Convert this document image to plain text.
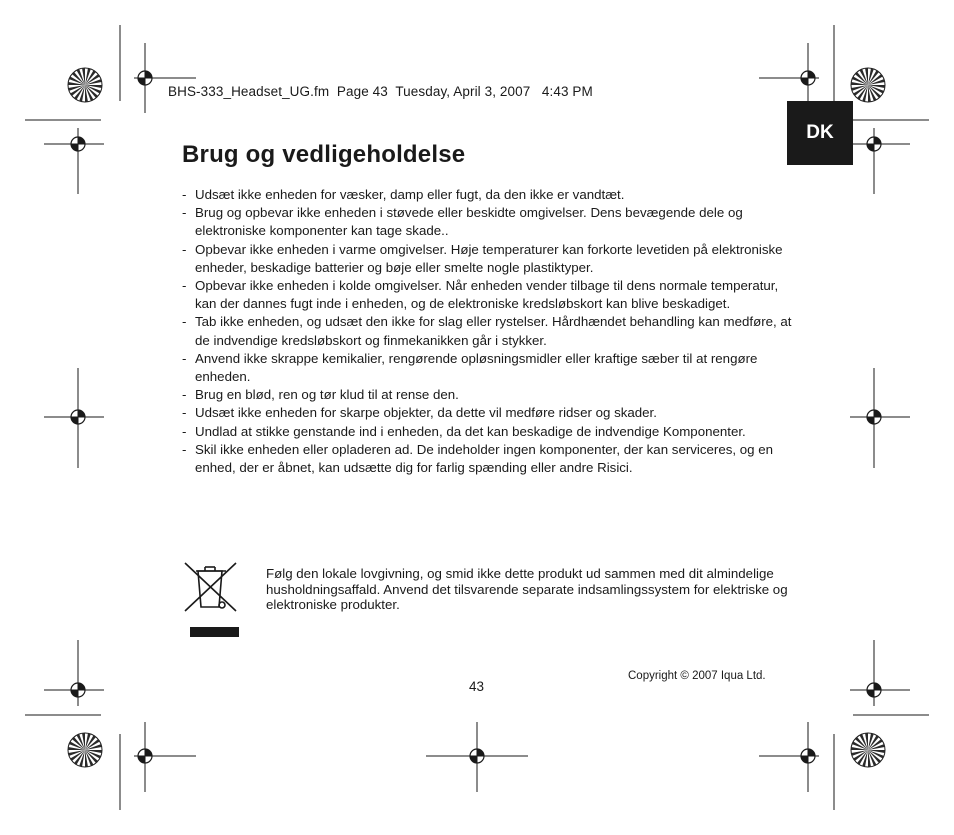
BHS-333_Headset_UG.fm  Page 43  Tuesday, April 3, 2007   4:43 PM
DK
Brug og vedligeholdelse
- Udsæt ikke enheden for væsker, damp eller fugt, da den ikke er vandtæt.
- Brug og opbevar ikke enheden i støvede eller beskidte omgivelser. Dens bevægende dele og elektroniske komponenter kan tage skade..
- Opbevar ikke enheden i varme omgivelser. Høje temperaturer kan forkorte levetiden på elektroniske enheder, beskadige batterier og bøje eller smelte nogle plastiktyper.
- Opbevar ikke enheden i kolde omgivelser. Når enheden vender tilbage til dens normale temperatur, kan der dannes fugt inde i enheden, og de elektroniske kredsløbskort kan blive beskadiget.
- Tab ikke enheden, og udsæt den ikke for slag eller rystelser. Hårdhændet behandling kan medføre, at de indvendige kredsløbskort og finmekanikken går i stykker.
- Anvend ikke skrappe kemikalier, rengørende opløsningsmidler eller kraftige sæber til at rengøre enheden.
- Brug en blød, ren og tør klud til at rense den.
- Udsæt ikke enheden for skarpe objekter, da dette vil medføre ridser og skader.
- Undlad at stikke genstande ind i enheden, da det kan beskadige de indvendige Komponenter.
- Skil ikke enheden eller opladeren ad. De indeholder ingen komponenter, der kan serviceres, og en enhed, der er åbnet, kan udsætte dig for farlig spænding eller andre Risici.
Følg den lokale lovgivning, og smid ikke dette produkt ud sammen med dit almindelige husholdningsaffald. Anvend det tilsvarende separate indsamlingssystem for elektriske og elektroniske produkter.
43
Copyright © 2007 Iqua Ltd.
